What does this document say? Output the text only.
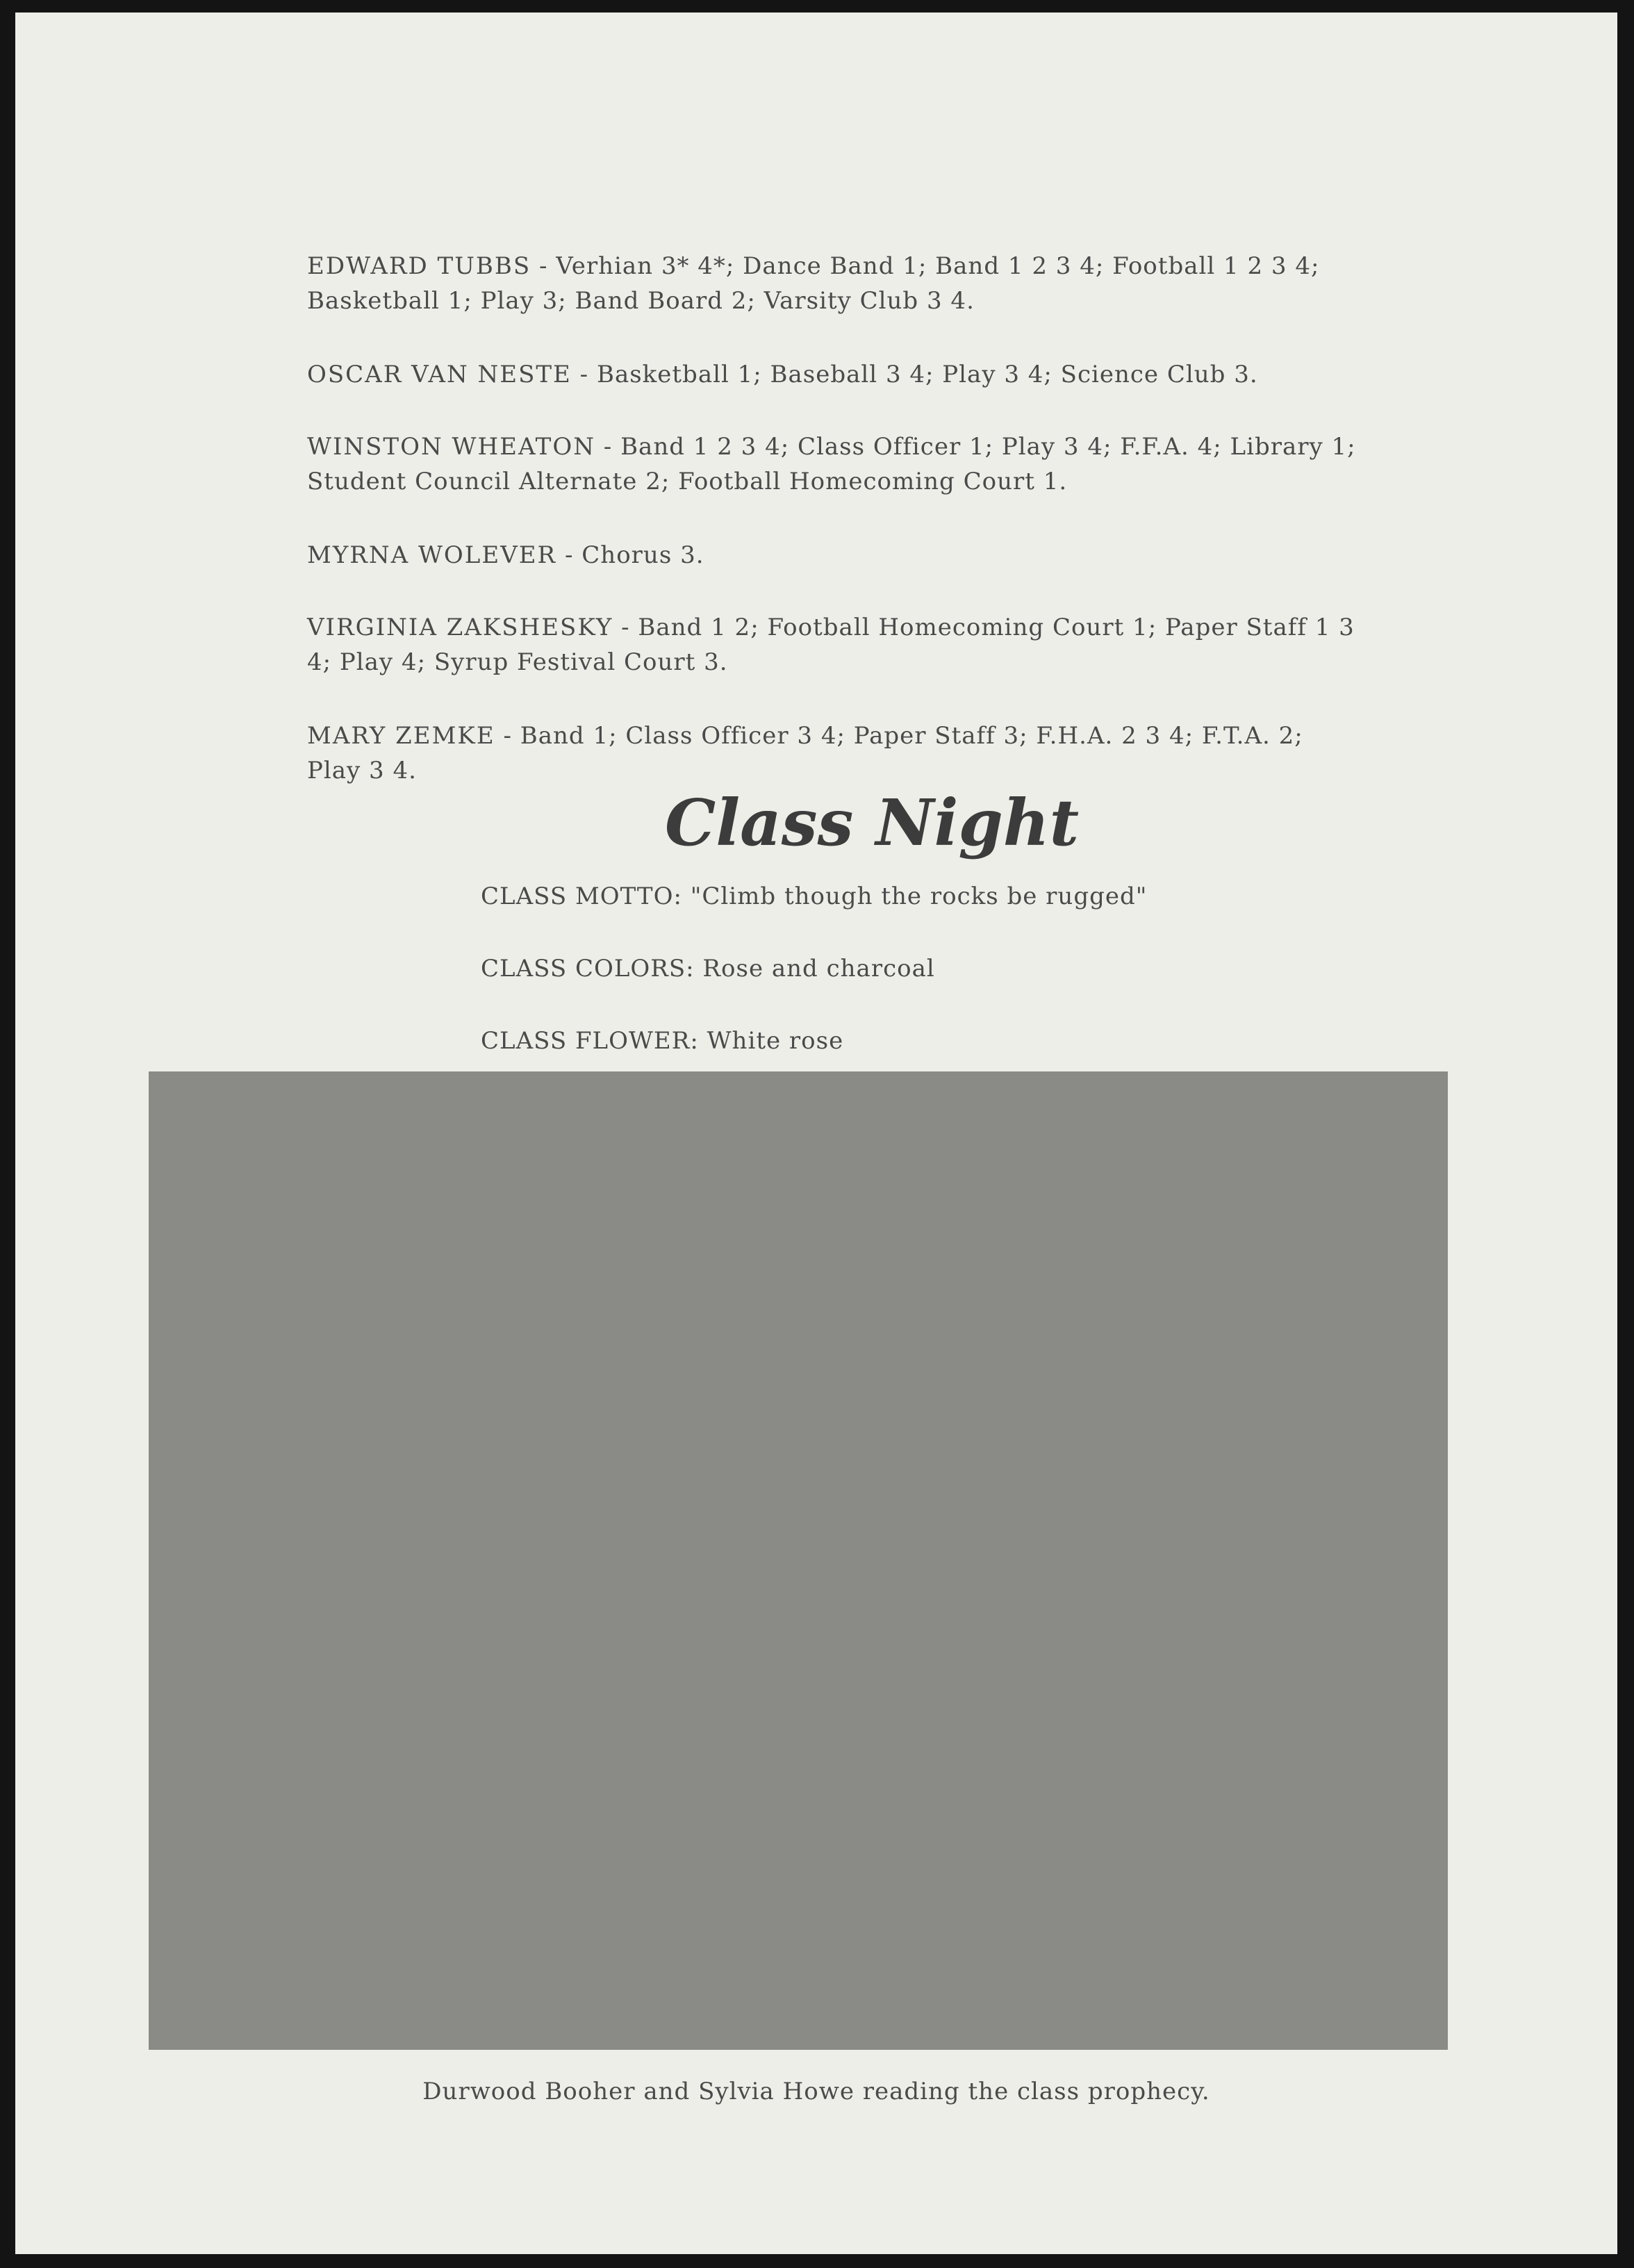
EDWARD TUBBS - Verhian 3* 4*; Dance Band 1; Band 1 2 3 4; Football 1 2 3 4; Basketball 1; Play 3; Band Board 2; Varsity Club 3 4.

OSCAR VAN NESTE - Basketball 1; Baseball 3 4; Play 3 4; Science Club 3.

WINSTON WHEATON - Band 1 2 3 4; Class Officer 1; Play 3 4; F.F.A. 4; Library 1; Student Council Alternate 2; Football Homecoming Court 1.

MYRNA WOLEVER - Chorus 3.

VIRGINIA ZAKSHESKY - Band 1 2; Football Homecoming Court 1; Paper Staff 1 3 4; Play 4; Syrup Festival Court 3.

MARY ZEMKE - Band 1; Class Officer 3 4; Paper Staff 3; F.H.A. 2 3 4; F.T.A. 2; Play 3 4.

Class Night
CLASS MOTTO: "Climb though the rocks be rugged"
CLASS COLORS: Rose and charcoal
CLASS FLOWER: White rose
Durwood Booher and Sylvia Howe reading the class prophecy.
